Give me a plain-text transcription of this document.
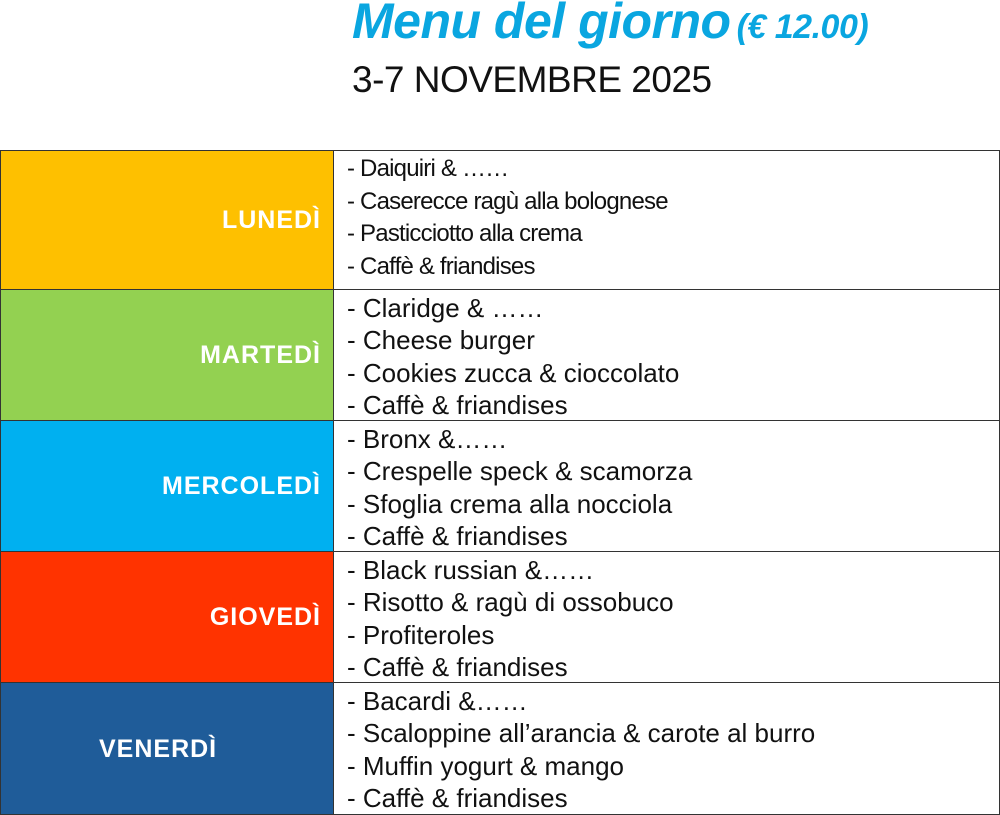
Menu del giorno (€ 12.00)
3-7 NOVEMBRE 2025
LUNEDÌ
- Daiquiri & ……
- Caserecce ragù alla bolognese
- Pasticciotto alla crema
- Caffè & friandises
MARTEDÌ
- Claridge & ……
- Cheese burger
- Cookies zucca & cioccolato
- Caffè & friandises
MERCOLEDÌ
- Bronx &……
- Crespelle speck & scamorza
- Sfoglia crema alla nocciola
- Caffè & friandises
GIOVEDÌ
- Black russian &……
- Risotto & ragù di ossobuco
- Profiteroles
- Caffè & friandises
VENERDÌ
- Bacardi &……
- Scaloppine all’arancia & carote al burro
- Muffin yogurt & mango
- Caffè & friandises
